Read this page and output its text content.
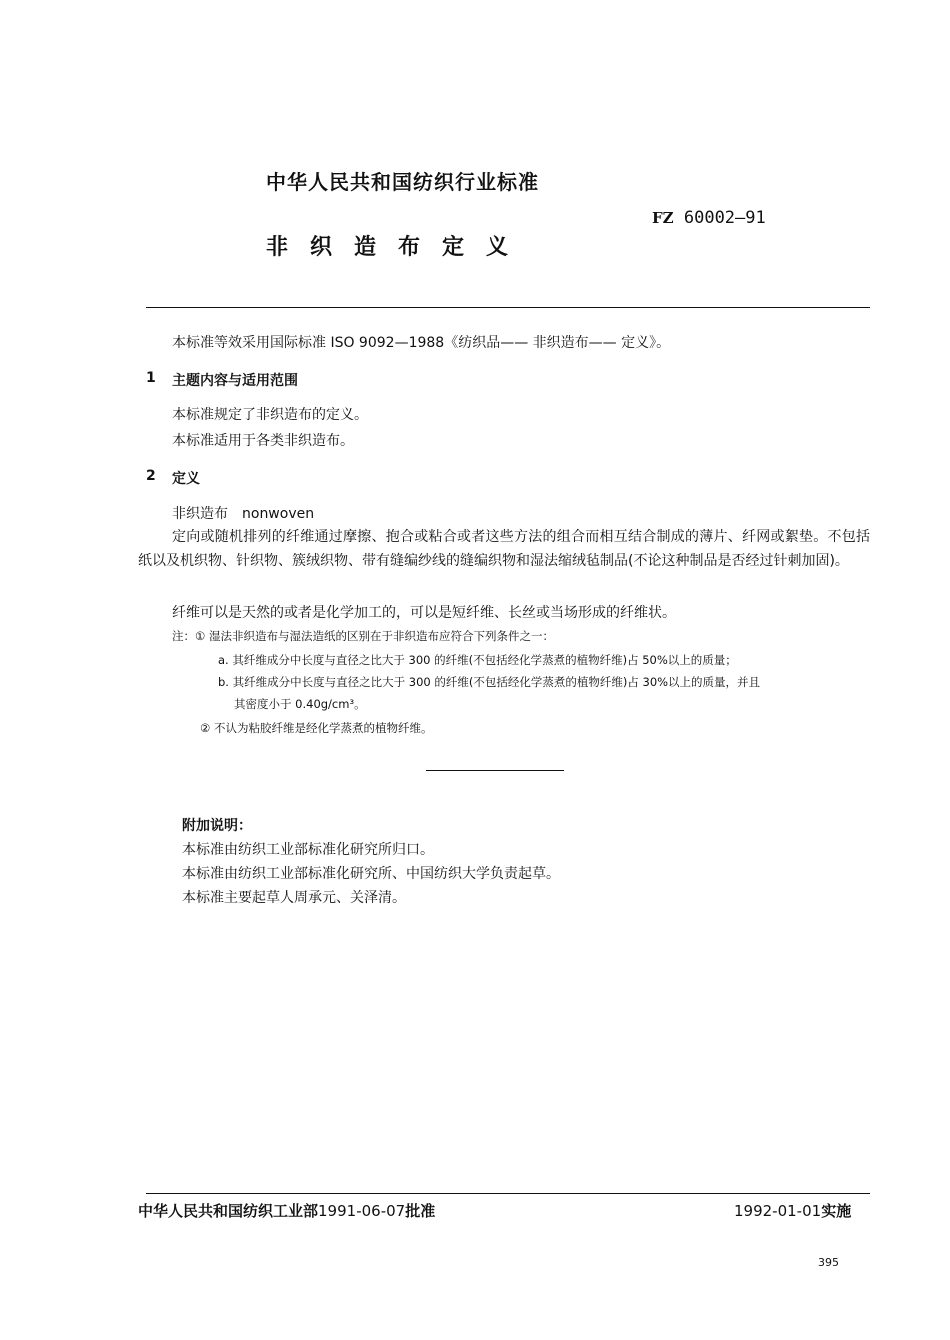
中华人民共和国纺织行业标准
FZ 60002—91
非织造布定义
本标准等效采用国际标准 ISO 9092—1988《纺织品—— 非织造布—— 定义》。
1 主题内容与适用范围
本标准规定了非织造布的定义。
本标准适用于各类非织造布。
2 定义
非织造布　nonwoven
定向或随机排列的纤维通过摩擦、抱合或粘合或者这些方法的组合而相互结合制成的薄片、纤网或絮垫。不包括纸以及机织物、针织物、簇绒织物、带有缝编纱线的缝编织物和湿法缩绒毡制品(不论这种制品是否经过针刺加固)。
纤维可以是天然的或者是化学加工的，可以是短纤维、长丝或当场形成的纤维状。
注：① 湿法非织造布与湿法造纸的区别在于非织造布应符合下列条件之一：
a. 其纤维成分中长度与直径之比大于 300 的纤维(不包括经化学蒸煮的植物纤维)占 50%以上的质量；
b. 其纤维成分中长度与直径之比大于 300 的纤维(不包括经化学蒸煮的植物纤维)占 30%以上的质量，并且
其密度小于 0.40g/cm³。
② 不认为粘胶纤维是经化学蒸煮的植物纤维。
附加说明：
本标准由纺织工业部标准化研究所归口。
本标准由纺织工业部标准化研究所、中国纺织大学负责起草。
本标准主要起草人周承元、关泽清。
中华人民共和国纺织工业部1991-06-07批准	1992-01-01实施
395
